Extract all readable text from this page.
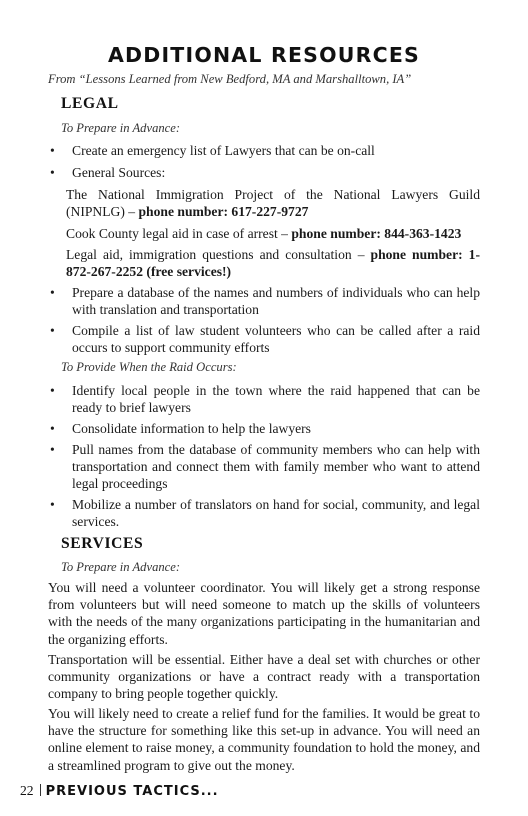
ADDITIONAL RESOURCES
From “Lessons Learned from New Bedford, MA and Marshalltown, IA”
LEGAL
To Prepare in Advance:
• Create an emergency list of Lawyers that can be on-call
• General Sources:
The National Immigration Project of the National Lawyers Guild (NIPNLG) – phone number: 617-227-9727
Cook County legal aid in case of arrest – phone number: 844-363-1423
Legal aid, immigration questions and consultation – phone number: 1-872-267-2252 (free services!)
• Prepare a database of the names and numbers of individuals who can help with translation and transportation
• Compile a list of law student volunteers who can be called after a raid occurs to support community efforts
To Provide When the Raid Occurs:
• Identify local people in the town where the raid happened that can be ready to brief lawyers
• Consolidate information to help the lawyers
• Pull names from the database of community members who can help with transportation and connect them with family member who want to attend legal proceedings
• Mobilize a number of translators on hand for social, community, and legal services.
SERVICES
To Prepare in Advance:
You will need a volunteer coordinator. You will likely get a strong response from volunteers but will need someone to match up the skills of volunteers with the needs of the many organizations participating in the humanitarian and the organizing efforts.
Transportation will be essential. Either have a deal set with churches or other community organizations or have a contract ready with a transportation company to bring people together quickly.
You will likely need to create a relief fund for the families. It would be great to have the structure for something like this set-up in advance. You will need an online element to raise money, a community foundation to hold the money, and a streamlined program to give out the money.
22 PREVIOUS TACTICS...
